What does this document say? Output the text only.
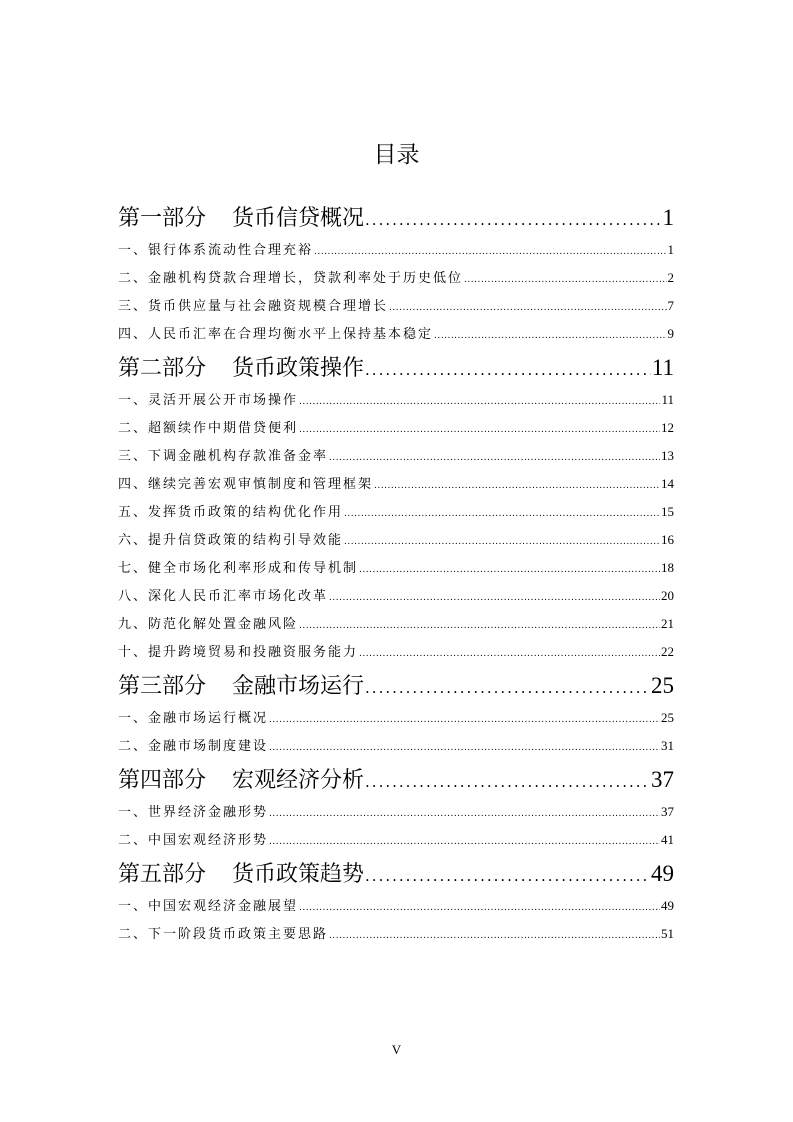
目录
第一部分 货币信贷概况 .....	1
一、银行体系流动性合理充裕 .....	1
二、金融机构贷款合理增长，贷款利率处于历史低位 .....	2
三、货币供应量与社会融资规模合理增长 .....	7
四、人民币汇率在合理均衡水平上保持基本稳定 .....	9
第二部分 货币政策操作 .....	11
一、灵活开展公开市场操作 .....	11
二、超额续作中期借贷便利 .....	12
三、下调金融机构存款准备金率 .....	13
四、继续完善宏观审慎制度和管理框架 .....	14
五、发挥货币政策的结构优化作用 .....	15
六、提升信贷政策的结构引导效能 .....	16
七、健全市场化利率形成和传导机制 .....	18
八、深化人民币汇率市场化改革 .....	20
九、防范化解处置金融风险 .....	21
十、提升跨境贸易和投融资服务能力 .....	22
第三部分 金融市场运行 .....	25
一、金融市场运行概况 .....	25
二、金融市场制度建设 .....	31
第四部分 宏观经济分析 .....	37
一、世界经济金融形势 .....	37
二、中国宏观经济形势 .....	41
第五部分 货币政策趋势 .....	49
一、中国宏观经济金融展望 .....	49
二、下一阶段货币政策主要思路 .....	51
V
